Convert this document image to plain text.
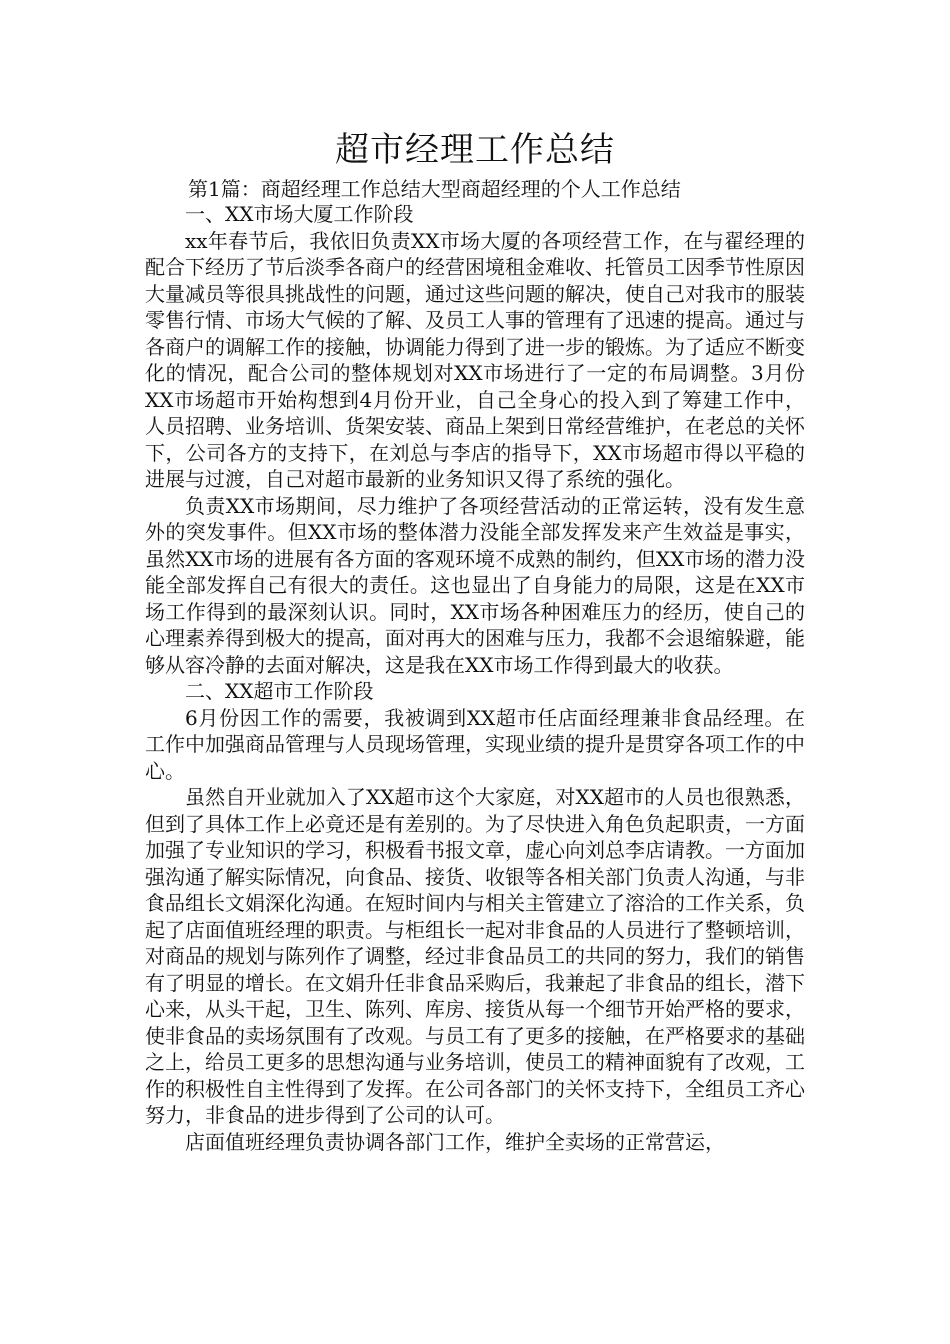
超市经理工作总结
第1篇：商超经理工作总结大型商超经理的个人工作总结

一、XX市场大厦工作阶段

xx年春节后，我依旧负责XX市场大厦的各项经营工作，在与翟经理的配合下经历了节后淡季各商户的经营困境租金难收、托管员工因季节性原因大量减员等很具挑战性的问题，通过这些问题的解决，使自己对我市的服装零售行情、市场大气候的了解、及员工人事的管理有了迅速的提高。通过与各商户的调解工作的接触，协调能力得到了进一步的锻炼。为了适应不断变化的情况，配合公司的整体规划对XX市场进行了一定的布局调整。3月份XX市场超市开始构想到4月份开业，自己全身心的投入到了筹建工作中，人员招聘、业务培训、货架安装、商品上架到日常经营维护，在老总的关怀下，公司各方的支持下，在刘总与李店的指导下，XX市场超市得以平稳的进展与过渡，自己对超市最新的业务知识又得了系统的强化。

负责XX市场期间，尽力维护了各项经营活动的正常运转，没有发生意外的突发事件。但XX市场的整体潜力没能全部发挥发来产生效益是事实，虽然XX市场的进展有各方面的客观环境不成熟的制约，但XX市场的潜力没能全部发挥自己有很大的责任。这也显出了自身能力的局限，这是在XX市场工作得到的最深刻认识。同时，XX市场各种困难压力的经历，使自己的心理素养得到极大的提高，面对再大的困难与压力，我都不会退缩躲避，能够从容冷静的去面对解决，这是我在XX市场工作得到最大的收获。

二、XX超市工作阶段

6月份因工作的需要，我被调到XX超市任店面经理兼非食品经理。在工作中加强商品管理与人员现场管理，实现业绩的提升是贯穿各项工作的中心。

虽然自开业就加入了XX超市这个大家庭，对XX超市的人员也很熟悉，但到了具体工作上必竟还是有差别的。为了尽快进入角色负起职责，一方面加强了专业知识的学习，积极看书报文章，虚心向刘总李店请教。一方面加强沟通了解实际情况，向食品、接货、收银等各相关部门负责人沟通，与非食品组长文娟深化沟通。在短时间内与相关主管建立了溶洽的工作关系，负起了店面值班经理的职责。与柜组长一起对非食品的人员进行了整顿培训，对商品的规划与陈列作了调整，经过非食品员工的共同的努力，我们的销售有了明显的增长。在文娟升任非食品采购后，我兼起了非食品的组长，潜下心来，从头干起，卫生、陈列、库房、接货从每一个细节开始严格的要求，使非食品的卖场氛围有了改观。与员工有了更多的接触，在严格要求的基础之上，给员工更多的思想沟通与业务培训，使员工的精神面貌有了改观，工作的积极性自主性得到了发挥。在公司各部门的关怀支持下，全组员工齐心努力，非食品的进步得到了公司的认可。

店面值班经理负责协调各部门工作，维护全卖场的正常营运，
